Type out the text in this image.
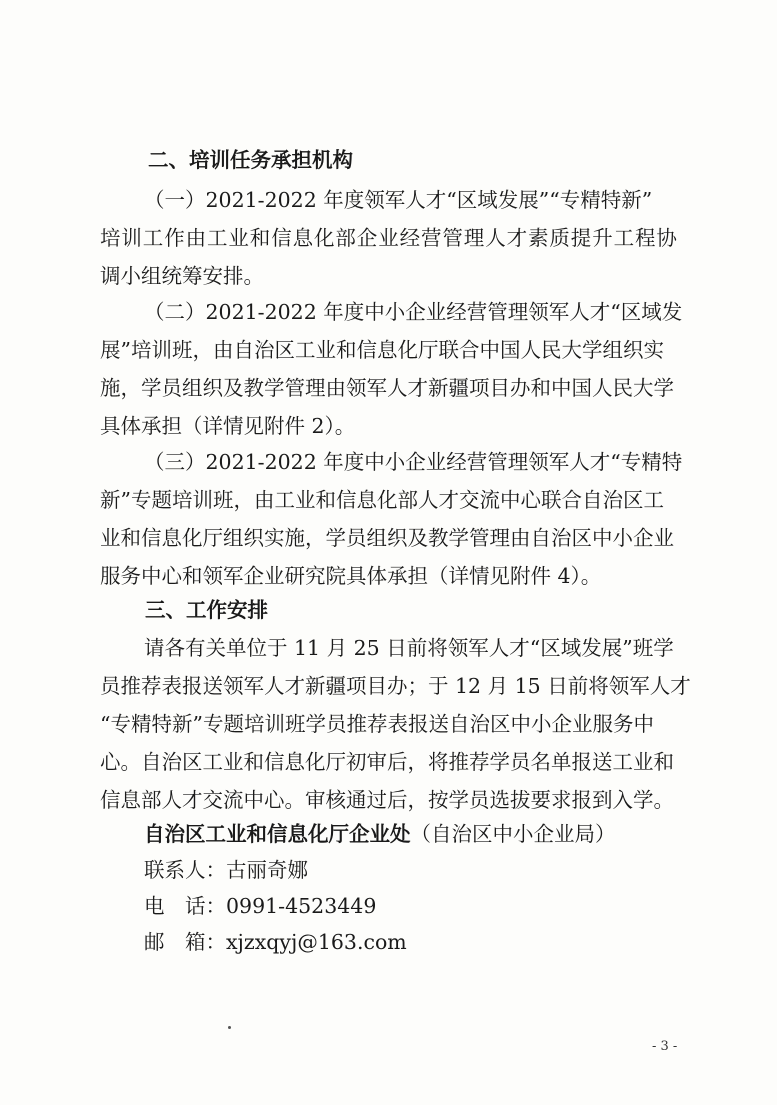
二、培训任务承担机构
（一）2021-2022 年度领军人才“区域发展”“专精特新”
培训工作由工业和信息化部企业经营管理人才素质提升工程协
调小组统筹安排。
（二）2021-2022 年度中小企业经营管理领军人才“区域发
展”培训班，由自治区工业和信息化厅联合中国人民大学组织实
施，学员组织及教学管理由领军人才新疆项目办和中国人民大学
具体承担（详情见附件 2）。
（三）2021-2022 年度中小企业经营管理领军人才“专精特
新”专题培训班，由工业和信息化部人才交流中心联合自治区工
业和信息化厅组织实施，学员组织及教学管理由自治区中小企业
服务中心和领军企业研究院具体承担（详情见附件 4）。
三、工作安排
请各有关单位于 11 月 25 日前将领军人才“区域发展”班学
员推荐表报送领军人才新疆项目办；于 12 月 15 日前将领军人才
“专精特新”专题培训班学员推荐表报送自治区中小企业服务中
心。自治区工业和信息化厅初审后，将推荐学员名单报送工业和
信息部人才交流中心。审核通过后，按学员选拔要求报到入学。
自治区工业和信息化厅企业处（自治区中小企业局）
联系人：古丽奇娜
电　话：0991-4523449
邮　箱：xjzxqyj@163.com
- 3 -
